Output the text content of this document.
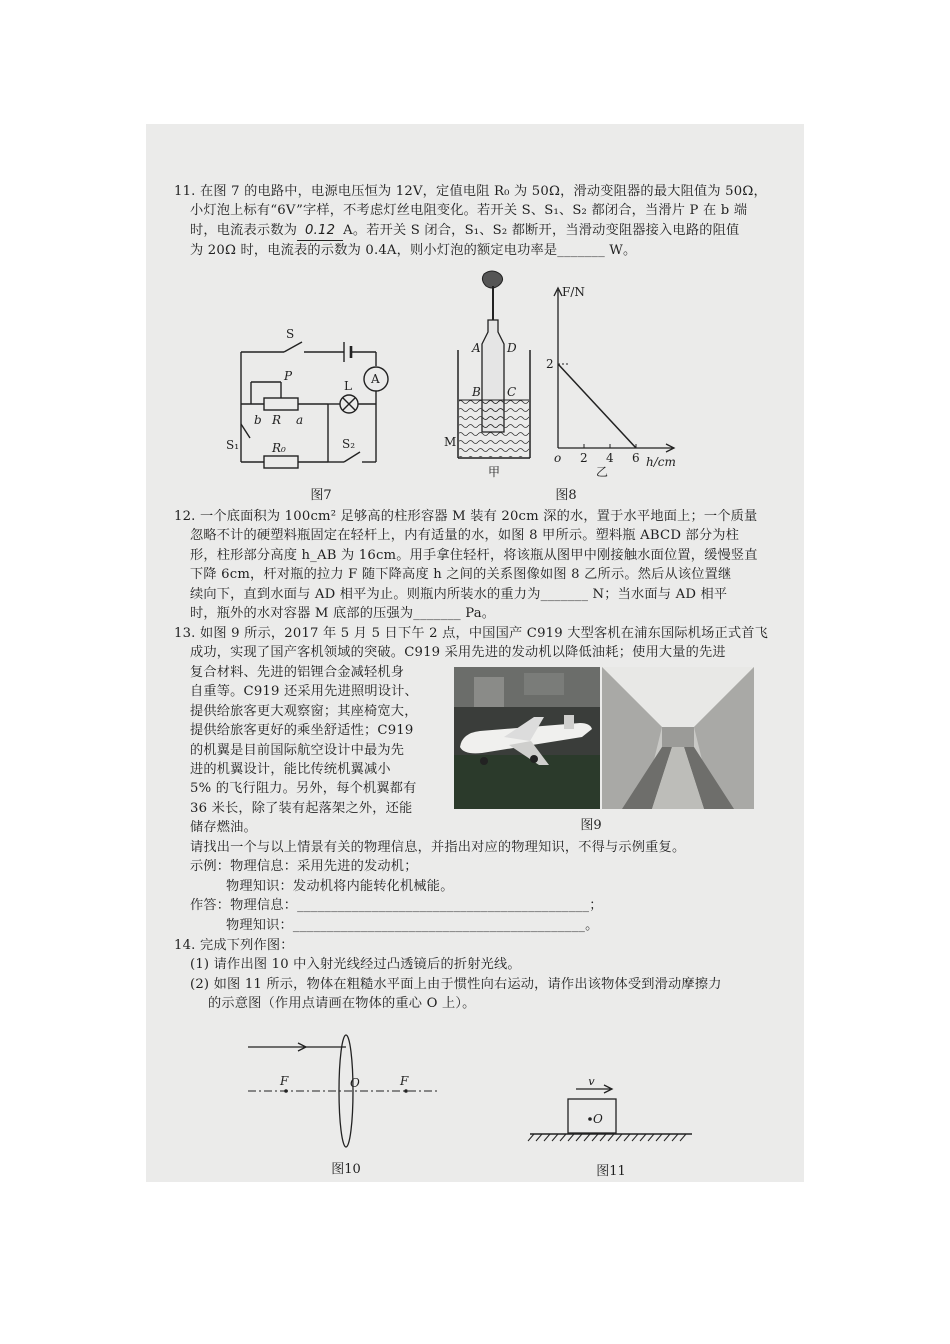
11. 在图 7 的电路中，电源电压恒为 12V，定值电阻 R₀ 为 50Ω，滑动变阻器的最大阻值为 50Ω，
小灯泡上标有“6V”字样，不考虑灯丝电阻变化。若开关 S、S₁、S₂ 都闭合，当滑片 P 在 b 端
时，电流表示数为 0.12 A。若开关 S 闭合，S₁、S₂ 都断开，当滑动变阻器接入电路的阻值
为 20Ω 时，电流表的示数为 0.4A，则小灯泡的额定电功率是_______ W。
S
A
P
L
b R a
S₁	R₀	S₂
图7
A D
B C
M
甲
o 2 4 6
2
F/N
h/cm
乙
图8
12. 一个底面积为 100cm² 足够高的柱形容器 M 装有 20cm 深的水，置于水平地面上；一个质量
忽略不计的硬塑料瓶固定在轻杆上，内有适量的水，如图 8 甲所示。塑料瓶 ABCD 部分为柱
形，柱形部分高度 h_AB 为 16cm。用手拿住轻杆，将该瓶从图甲中刚接触水面位置，缓慢竖直
下降 6cm，杆对瓶的拉力 F 随下降高度 h 之间的关系图像如图 8 乙所示。然后从该位置继
续向下，直到水面与 AD 相平为止。则瓶内所装水的重力为_______ N；当水面与 AD 相平
时，瓶外的水对容器 M 底部的压强为_______ Pa。
13. 如图 9 所示，2017 年 5 月 5 日下午 2 点，中国国产 C919 大型客机在浦东国际机场正式首飞
成功，实现了国产客机领域的突破。C919 采用先进的发动机以降低油耗；使用大量的先进
复合材料、先进的铝锂合金减轻机身
自重等。C919 还采用先进照明设计、
提供给旅客更大观察窗；其座椅宽大，
提供给旅客更好的乘坐舒适性；C919
的机翼是目前国际航空设计中最为先
进的机翼设计，能比传统机翼减小
5% 的飞行阻力。另外，每个机翼都有
36 米长，除了装有起落架之外，还能
储存燃油。	图9
请找出一个与以上情景有关的物理信息，并指出对应的物理知识，不得与示例重复。
示例：物理信息：采用先进的发动机；
物理知识：发动机将内能转化机械能。
作答：物理信息：___________________________________________；
物理知识：___________________________________________。
14. 完成下列作图：
(1) 请作出图 10 中入射光线经过凸透镜后的折射光线。
(2) 如图 11 所示，物体在粗糙水平面上由于惯性向右运动，请作出该物体受到滑动摩擦力
的示意图（作用点请画在物体的重心 O 上）。
F	O	F
图10
v
O
图11
